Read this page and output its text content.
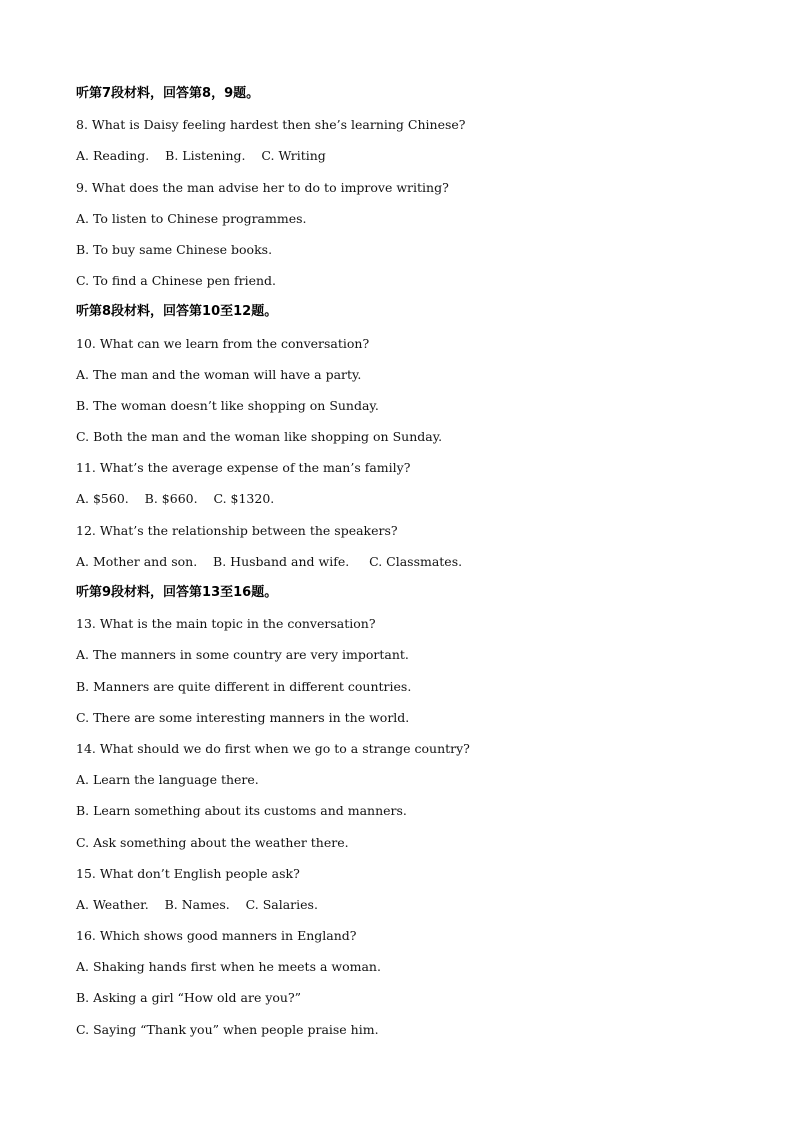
听第7段材料，回答第8，9题。
8. What is Daisy feeling hardest then she’s learning Chinese?
A. Reading.    B. Listening.    C. Writing
9. What does the man advise her to do to improve writing?
A. To listen to Chinese programmes.
B. To buy same Chinese books.
C. To find a Chinese pen friend.
听第8段材料，回答第10至12题。
10. What can we learn from the conversation?
A. The man and the woman will have a party.
B. The woman doesn’t like shopping on Sunday.
C. Both the man and the woman like shopping on Sunday.
11. What’s the average expense of the man’s family?
A. $560.    B. $660.    C. $1320.
12. What’s the relationship between the speakers?
A. Mother and son.    B. Husband and wife.     C. Classmates.
听第9段材料，回答第13至16题。
13. What is the main topic in the conversation?
A. The manners in some country are very important.
B. Manners are quite different in different countries.
C. There are some interesting manners in the world.
14. What should we do first when we go to a strange country?
A. Learn the language there.
B. Learn something about its customs and manners.
C. Ask something about the weather there.
15. What don’t English people ask?
A. Weather.    B. Names.    C. Salaries.
16. Which shows good manners in England?
A. Shaking hands first when he meets a woman.
B. Asking a girl “How old are you?”
C. Saying “Thank you” when people praise him.
